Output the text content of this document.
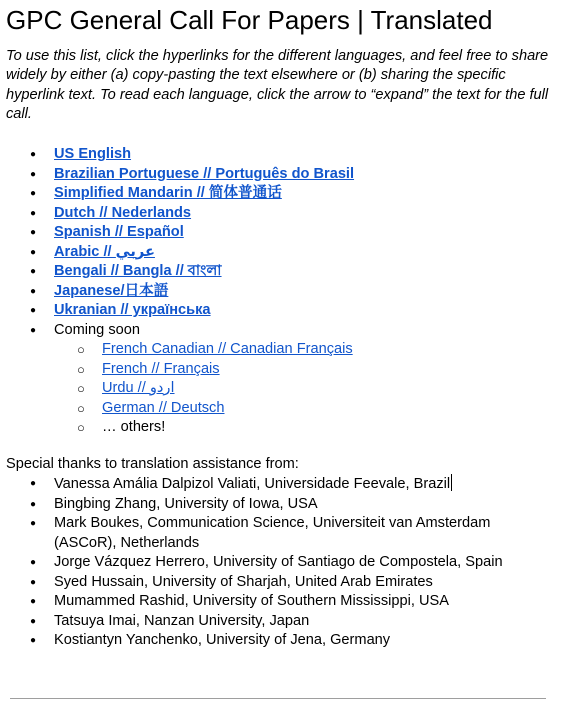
GPC General Call For Papers | Translated

To use this list, click the hyperlinks for the different languages, and feel free to share widely by either (a) copy-pasting the text elsewhere or (b) sharing the specific hyperlink text. To read each language, click the arrow to “expand” the text for the full call.

● US English
● Brazilian Portuguese // Português do Brasil
● Simplified Mandarin // 简体普通话
● Dutch // Nederlands
● Spanish // Español
● Arabic // عربي
● Bengali // Bangla // বাংলা
● Japanese/日本語
● Ukranian // українська
● Coming soon
○ French Canadian // Canadian Français
○ French // Français
○ Urdu // اردو
○ German // Deutsch
○ … others!

Special thanks to translation assistance from:

● Vanessa Amália Dalpizol Valiati, Universidade Feevale, Brazil
● Bingbing Zhang, University of Iowa, USA
● Mark Boukes, Communication Science, Universiteit van Amsterdam (ASCoR), Netherlands
● Jorge Vázquez Herrero, University of Santiago de Compostela, Spain
● Syed Hussain, University of Sharjah, United Arab Emirates
● Mumammed Rashid, University of Southern Mississippi, USA
● Tatsuya Imai, Nanzan University, Japan
● Kostiantyn Yanchenko, University of Jena, Germany
